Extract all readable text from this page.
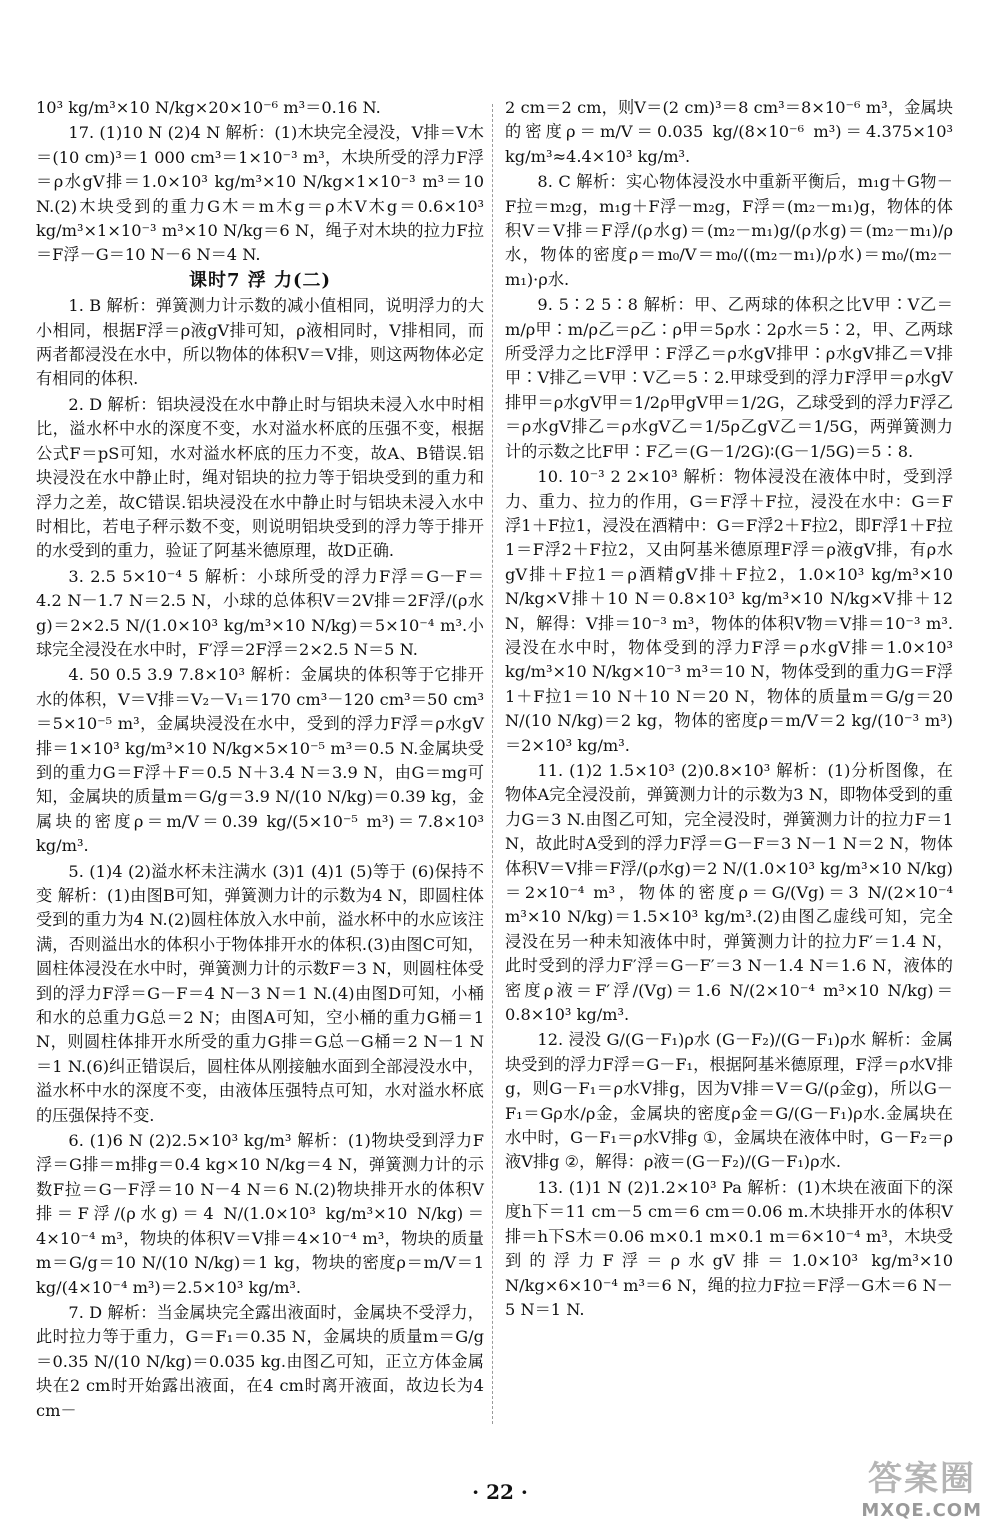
10³ kg/m³×10 N/kg×20×10⁻⁶ m³＝0.16 N.

17. (1)10 N (2)4 N 解析：(1)木块完全浸没，V排＝V木＝(10 cm)³＝1 000 cm³＝1×10⁻³ m³，木块所受的浮力F浮＝ρ水gV排＝1.0×10³ kg/m³×10 N/kg×1×10⁻³ m³＝10 N.(2)木块受到的重力G木＝m木g＝ρ木V木g＝0.6×10³ kg/m³×1×10⁻³ m³×10 N/kg＝6 N，绳子对木块的拉力F拉＝F浮－G＝10 N－6 N＝4 N.

课时7 浮 力(二)

1. B 解析：弹簧测力计示数的减小值相同，说明浮力的大小相同，根据F浮＝ρ液gV排可知，ρ液相同时，V排相同，而两者都浸没在水中，所以物体的体积V＝V排，则这两物体必定有相同的体积.

2. D 解析：铝块浸没在水中静止时与铝块未浸入水中时相比，溢水杯中水的深度不变，水对溢水杯底的压强不变，根据公式F＝pS可知，水对溢水杯底的压力不变，故A、B错误.铝块浸没在水中静止时，绳对铝块的拉力等于铝块受到的重力和浮力之差，故C错误.铝块浸没在水中静止时与铝块未浸入水中时相比，若电子秤示数不变，则说明铝块受到的浮力等于排开的水受到的重力，验证了阿基米德原理，故D正确.

3. 2.5 5×10⁻⁴ 5 解析：小球所受的浮力F浮＝G－F＝4.2 N－1.7 N＝2.5 N，小球的总体积V＝2V排＝2F浮/(ρ水g)＝2×2.5 N/(1.0×10³ kg/m³×10 N/kg)＝5×10⁻⁴ m³.小球完全浸没在水中时，F′浮＝2F浮＝2×2.5 N＝5 N.

4. 50 0.5 3.9 7.8×10³ 解析：金属块的体积等于它排开水的体积，V＝V排＝V₂－V₁＝170 cm³－120 cm³＝50 cm³＝5×10⁻⁵ m³，金属块浸没在水中，受到的浮力F浮＝ρ水gV排＝1×10³ kg/m³×10 N/kg×5×10⁻⁵ m³＝0.5 N.金属块受到的重力G＝F浮＋F＝0.5 N＋3.4 N＝3.9 N，由G＝mg可知，金属块的质量m＝G/g＝3.9 N/(10 N/kg)＝0.39 kg，金属块的密度ρ＝m/V＝0.39 kg/(5×10⁻⁵ m³)＝7.8×10³ kg/m³.

5. (1)4 (2)溢水杯未注满水 (3)1 (4)1 (5)等于 (6)保持不变 解析：(1)由图B可知，弹簧测力计的示数为4 N，即圆柱体受到的重力为4 N.(2)圆柱体放入水中前，溢水杯中的水应该注满，否则溢出水的体积小于物体排开水的体积.(3)由图C可知，圆柱体浸没在水中时，弹簧测力计的示数F＝3 N，则圆柱体受到的浮力F浮＝G－F＝4 N－3 N＝1 N.(4)由图D可知，小桶和水的总重力G总＝2 N；由图A可知，空小桶的重力G桶＝1 N，则圆柱体排开水所受的重力G排＝G总－G桶＝2 N－1 N＝1 N.(6)纠正错误后，圆柱体从刚接触水面到全部浸没水中，溢水杯中水的深度不变，由液体压强特点可知，水对溢水杯底的压强保持不变.

6. (1)6 N (2)2.5×10³ kg/m³ 解析：(1)物块受到浮力F浮＝G排＝m排g＝0.4 kg×10 N/kg＝4 N，弹簧测力计的示数F拉＝G－F浮＝10 N－4 N＝6 N.(2)物块排开水的体积V排＝F浮/(ρ水g)＝4 N/(1.0×10³ kg/m³×10 N/kg)＝4×10⁻⁴ m³，物块的体积V＝V排＝4×10⁻⁴ m³，物块的质量m＝G/g＝10 N/(10 N/kg)＝1 kg，物块的密度ρ＝m/V＝1 kg/(4×10⁻⁴ m³)＝2.5×10³ kg/m³.

7. D 解析：当金属块完全露出液面时，金属块不受浮力，此时拉力等于重力，G＝F₁＝0.35 N，金属块的质量m＝G/g＝0.35 N/(10 N/kg)＝0.035 kg.由图乙可知，正立方体金属块在2 cm时开始露出液面，在4 cm时离开液面，故边长为4 cm－

2 cm＝2 cm，则V＝(2 cm)³＝8 cm³＝8×10⁻⁶ m³，金属块的密度ρ＝m/V＝0.035 kg/(8×10⁻⁶ m³)＝4.375×10³ kg/m³≈4.4×10³ kg/m³.

8. C 解析：实心物体浸没水中重新平衡后，m₁g＋G物－F拉＝m₂g，m₁g＋F浮－m₂g，F浮＝(m₂－m₁)g，物体的体积V＝V排＝F浮/(ρ水g)＝(m₂－m₁)g/(ρ水g)＝(m₂－m₁)/ρ水，物体的密度ρ＝m₀/V＝m₀/((m₂－m₁)/ρ水)＝m₀/(m₂－m₁)·ρ水.

9. 5∶2 5∶8 解析：甲、乙两球的体积之比V甲∶V乙＝m/ρ甲∶m/ρ乙＝ρ乙∶ρ甲＝5ρ水∶2ρ水＝5∶2，甲、乙两球所受浮力之比F浮甲∶F浮乙＝ρ水gV排甲∶ρ水gV排乙＝V排甲∶V排乙＝V甲∶V乙＝5∶2.甲球受到的浮力F浮甲＝ρ水gV排甲＝ρ水gV甲＝1/2ρ甲gV甲＝1/2G，乙球受到的浮力F浮乙＝ρ水gV排乙＝ρ水gV乙＝1/5ρ乙gV乙＝1/5G，两弹簧测力计的示数之比F甲∶F乙＝(G－1/2G)∶(G－1/5G)＝5∶8.

10. 10⁻³ 2 2×10³ 解析：物体浸没在液体中时，受到浮力、重力、拉力的作用，G＝F浮＋F拉，浸没在水中：G＝F浮1＋F拉1，浸没在酒精中：G＝F浮2＋F拉2，即F浮1＋F拉1＝F浮2＋F拉2，又由阿基米德原理F浮＝ρ液gV排，有ρ水gV排＋F拉1＝ρ酒精gV排＋F拉2，1.0×10³ kg/m³×10 N/kg×V排＋10 N＝0.8×10³ kg/m³×10 N/kg×V排＋12 N，解得：V排＝10⁻³ m³，物体的体积V物＝V排＝10⁻³ m³.浸没在水中时，物体受到的浮力F浮＝ρ水gV排＝1.0×10³ kg/m³×10 N/kg×10⁻³ m³＝10 N，物体受到的重力G＝F浮1＋F拉1＝10 N＋10 N＝20 N，物体的质量m＝G/g＝20 N/(10 N/kg)＝2 kg，物体的密度ρ＝m/V＝2 kg/(10⁻³ m³)＝2×10³ kg/m³.

11. (1)2 1.5×10³ (2)0.8×10³ 解析：(1)分析图像，在物体A完全浸没前，弹簧测力计的示数为3 N，即物体受到的重力G＝3 N.由图乙可知，完全浸没时，弹簧测力计的拉力F＝1 N，故此时A受到的浮力F浮＝G－F＝3 N－1 N＝2 N，物体体积V＝V排＝F浮/(ρ水g)＝2 N/(1.0×10³ kg/m³×10 N/kg)＝2×10⁻⁴ m³，物体的密度ρ＝G/(Vg)＝3 N/(2×10⁻⁴ m³×10 N/kg)＝1.5×10³ kg/m³.(2)由图乙虚线可知，完全浸没在另一种未知液体中时，弹簧测力计的拉力F′＝1.4 N，此时受到的浮力F′浮＝G－F′＝3 N－1.4 N＝1.6 N，液体的密度ρ液＝F′浮/(Vg)＝1.6 N/(2×10⁻⁴ m³×10 N/kg)＝0.8×10³ kg/m³.

12. 浸没 G/(G－F₁)ρ水 (G－F₂)/(G－F₁)ρ水 解析：金属块受到的浮力F浮＝G－F₁，根据阿基米德原理，F浮＝ρ水V排g，则G－F₁＝ρ水V排g，因为V排＝V＝G/(ρ金g)，所以G－F₁＝Gρ水/ρ金，金属块的密度ρ金＝G/(G－F₁)ρ水.金属块在水中时，G－F₁＝ρ水V排g ①，金属块在液体中时，G－F₂＝ρ液V排g ②，解得：ρ液＝(G－F₂)/(G－F₁)ρ水.

13. (1)1 N (2)1.2×10³ Pa 解析：(1)木块在液面下的深度h下＝11 cm－5 cm＝6 cm＝0.06 m.木块排开水的体积V排＝h下S木＝0.06 m×0.1 m×0.1 m＝6×10⁻⁴ m³，木块受到的浮力F浮＝ρ水gV排＝1.0×10³ kg/m³×10 N/kg×6×10⁻⁴ m³＝6 N，绳的拉力F拉＝F浮－G木＝6 N－5 N＝1 N.

· 22 ·	答案圈
MXQE.COM
